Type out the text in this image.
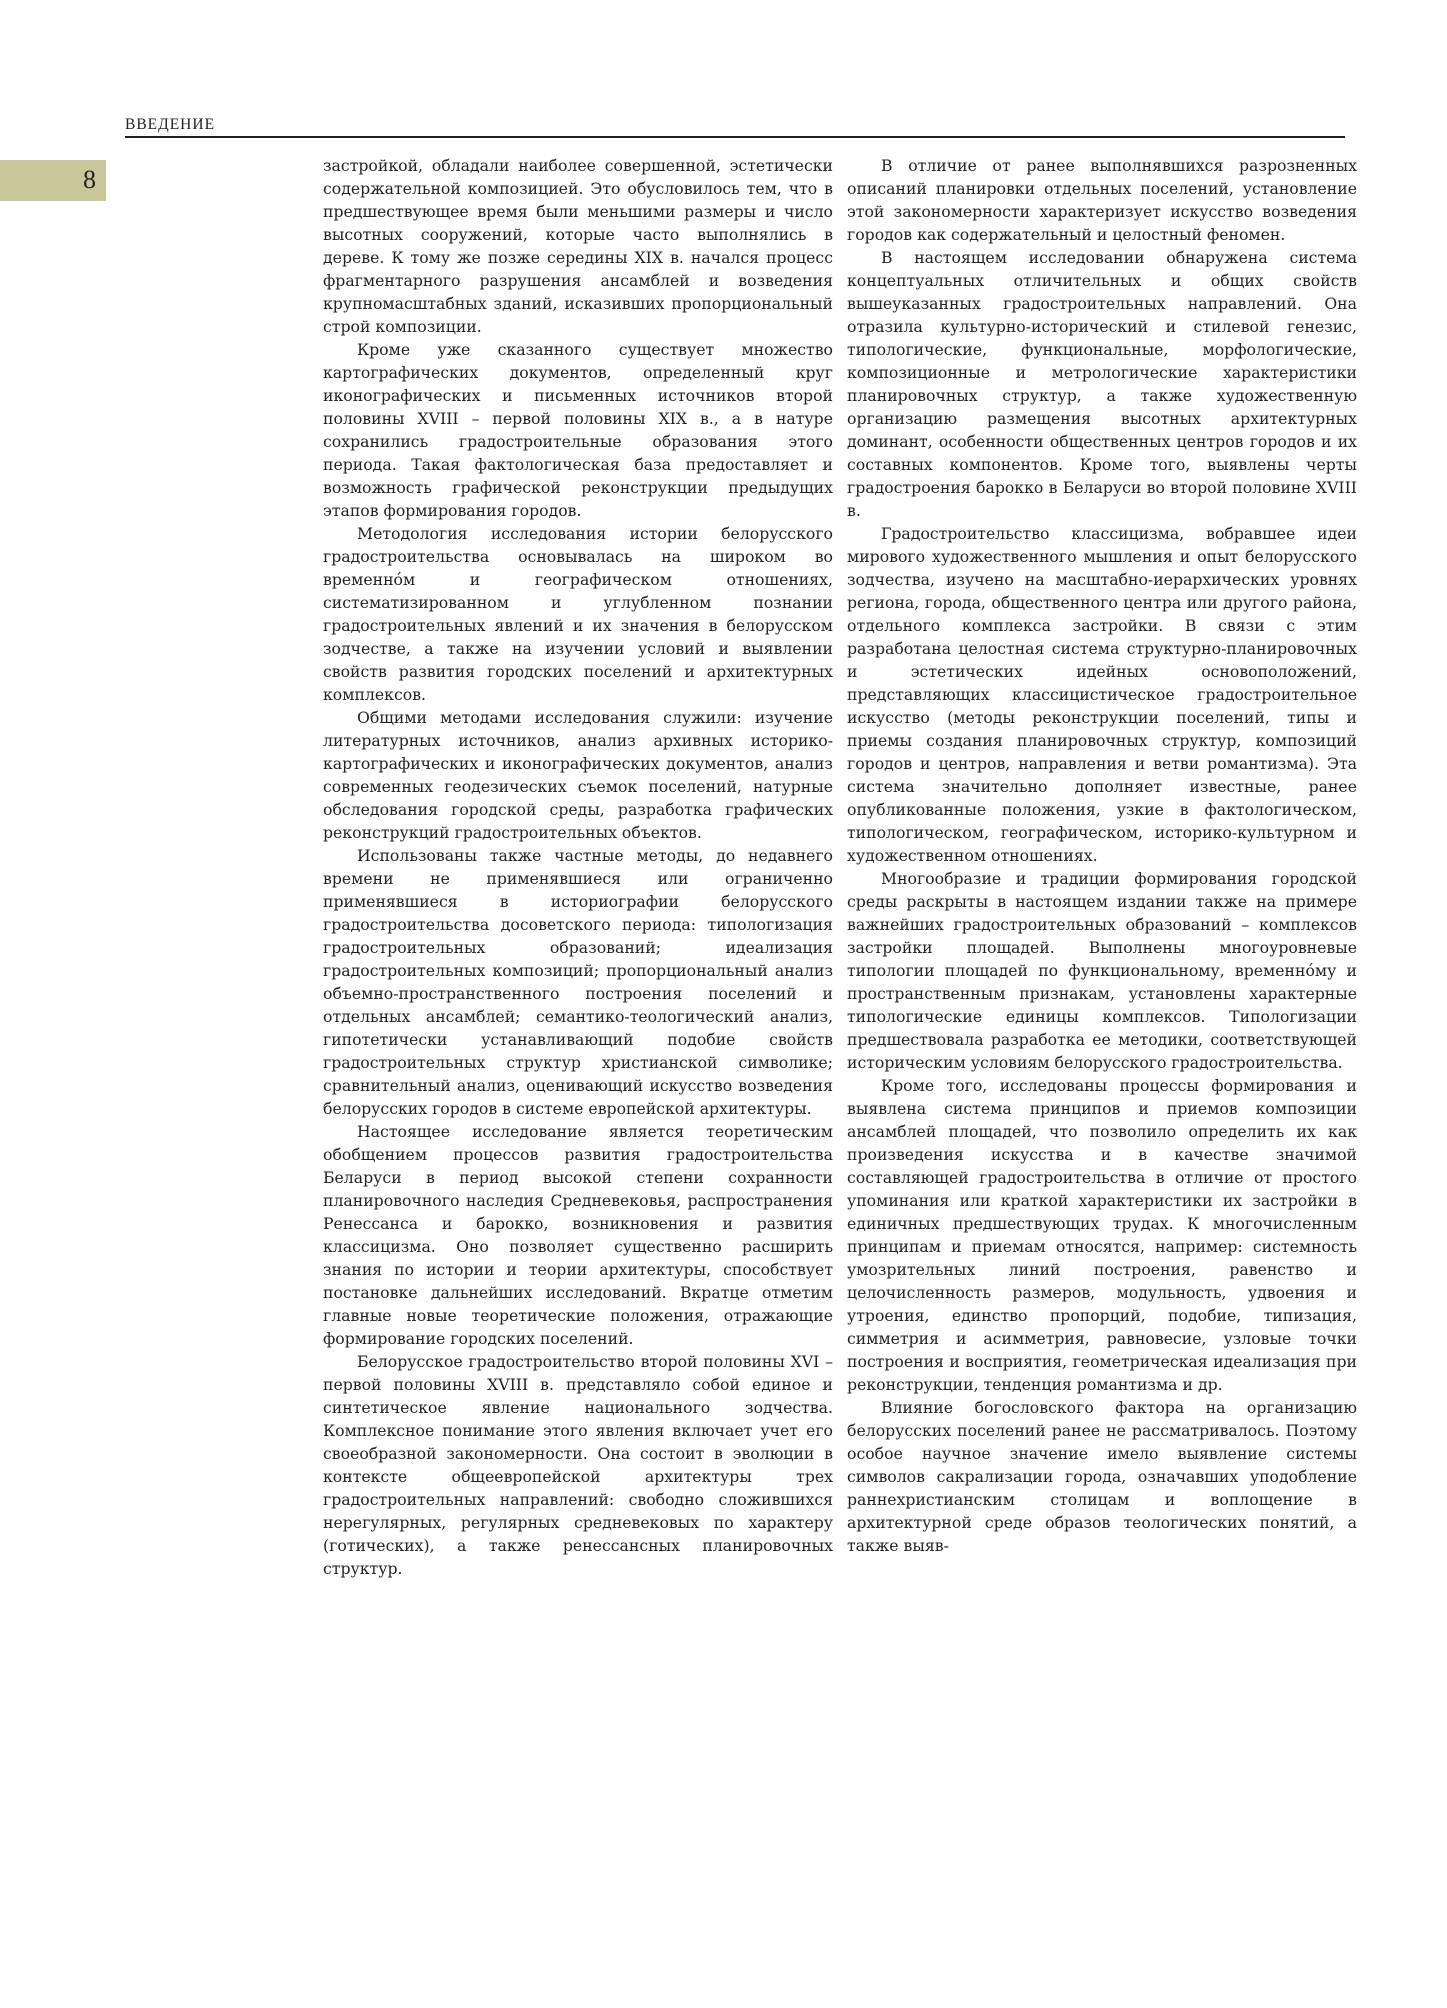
ВВЕДЕНИЕ
8	застройкой, обладали наиболее совершенной, эстетически содержательной композицией. Это обусловилось тем, что в предшествующее время были меньшими размеры и число высотных сооружений, которые часто выполнялись в дереве. К тому же позже середины XIX в. начался процесс фрагментарного разрушения ансамблей и возведения крупномасштабных зданий, исказивших пропорциональный строй композиции.

Кроме уже сказанного существует множество картографических документов, определенный круг иконографических и письменных источников второй половины XVIII – первой половины XIX в., а в натуре сохранились градостроительные образования этого периода. Такая фактологическая база предоставляет и возможность графической реконструкции предыдущих этапов формирования городов.

Методология исследования истории белорусского градостроительства основывалась на широком во временно́м и географическом отношениях, систематизированном и углубленном познании градостроительных явлений и их значения в белорусском зодчестве, а также на изучении условий и выявлении свойств развития городских поселений и архитектурных комплексов.

Общими методами исследования служили: изучение литературных источников, анализ архивных историко-картографических и иконографических документов, анализ современных геодезических съемок поселений, натурные обследования городской среды, разработка графических реконструкций градостроительных объектов.

Использованы также частные методы, до недавнего времени не применявшиеся или ограниченно применявшиеся в историографии белорусского градостроительства досоветского периода: типологизация градостроительных образований; идеализация градостроительных композиций; пропорциональный анализ объемно-пространственного построения поселений и отдельных ансамблей; семантико-теологический анализ, гипотетически устанавливающий подобие свойств градостроительных структур христианской символике; сравнительный анализ, оценивающий искусство возведения белорусских городов в системе европейской архитектуры.

Настоящее исследование является теоретическим обобщением процессов развития градостроительства Беларуси в период высокой степени сохранности планировочного наследия Средневековья, распространения Ренессанса и барокко, возникновения и развития классицизма. Оно позволяет существенно расширить знания по истории и теории архитектуры, способствует постановке дальнейших исследований. Вкратце отметим главные новые теоретические положения, отражающие формирование городских поселений.

Белорусское градостроительство второй половины XVI – первой половины XVIII в. представляло собой единое и синтетическое явление национального зодчества. Комплексное понимание этого явления включает учет его своеобразной закономерности. Она состоит в эволюции в контексте общеевропейской архитектуры трех градостроительных направлений: свободно сложившихся нерегулярных, регулярных средневековых по характеру (готических), а также ренессансных планировочных структур.

В отличие от ранее выполнявшихся разрозненных описаний планировки отдельных поселений, установление этой закономерности характеризует искусство возведения городов как содержательный и целостный феномен.

В настоящем исследовании обнаружена система концептуальных отличительных и общих свойств вышеуказанных градостроительных направлений. Она отразила культурно-исторический и стилевой генезис, типологические, функциональные, морфологические, композиционные и метрологические характеристики планировочных структур, а также художественную организацию размещения высотных архитектурных доминант, особенности общественных центров городов и их составных компонентов. Кроме того, выявлены черты градостроения барокко в Беларуси во второй половине XVIII в.

Градостроительство классицизма, вобравшее идеи мирового художественного мышления и опыт белорусского зодчества, изучено на масштабно-иерархических уровнях региона, города, общественного центра или другого района, отдельного комплекса застройки. В связи с этим разработана целостная система структурно-планировочных и эстетических идейных основоположений, представляющих классицистическое градостроительное искусство (методы реконструкции поселений, типы и приемы создания планировочных структур, композиций городов и центров, направления и ветви романтизма). Эта система значительно дополняет известные, ранее опубликованные положения, узкие в фактологическом, типологическом, географическом, историко-культурном и художественном отношениях.

Многообразие и традиции формирования городской среды раскрыты в настоящем издании также на примере важнейших градостроительных образований – комплексов застройки площадей. Выполнены многоуровневые типологии площадей по функциональному, временно́му и пространственным признакам, установлены характерные типологические единицы комплексов. Типологизации предшествовала разработка ее методики, соответствующей историческим условиям белорусского градостроительства.

Кроме того, исследованы процессы формирования и выявлена система принципов и приемов композиции ансамблей площадей, что позволило определить их как произведения искусства и в качестве значимой составляющей градостроительства в отличие от простого упоминания или краткой характеристики их застройки в единичных предшествующих трудах. К многочисленным принципам и приемам относятся, например: системность умозрительных линий построения, равенство и целочисленность размеров, модульность, удвоения и утроения, единство пропорций, подобие, типизация, симметрия и асимметрия, равновесие, узловые точки построения и восприятия, геометрическая идеализация при реконструкции, тенденция романтизма и др.

Влияние богословского фактора на организацию белорусских поселений ранее не рассматривалось. Поэтому особое научное значение имело выявление системы символов сакрализации города, означавших уподобление раннехристианским столицам и воплощение в архитектурной среде образов теологических понятий, а также выяв-
